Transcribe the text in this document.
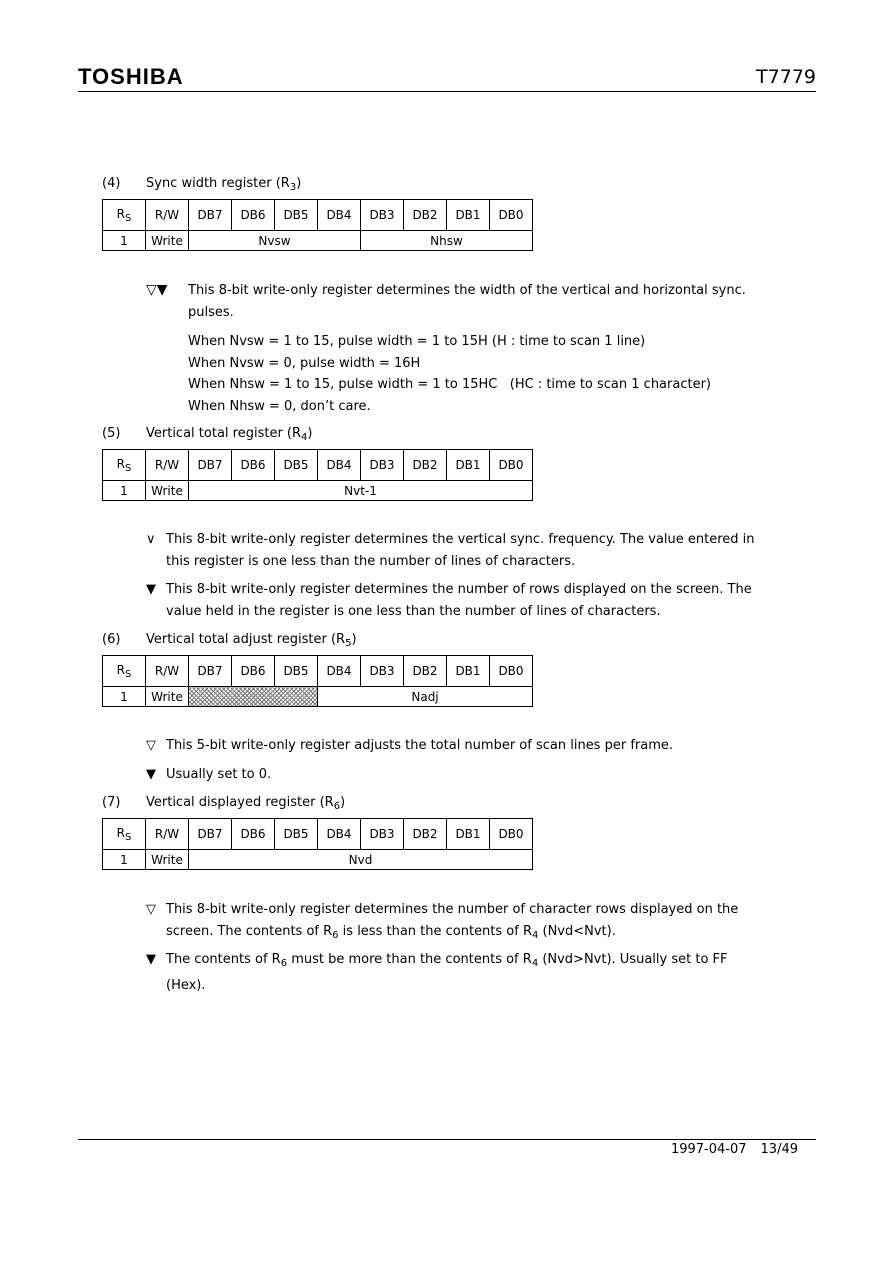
TOSHIBA	T7779
(4) Sync width register $(R_3)$
$R_S$	R/W	DB7	DB6	DB5	DB4	DB3	DB2	DB1	DB0
1	Write	Nvsw				Nhsw			
▽▼ This 8-bit write-only register determines the width of the vertical and horizontal sync.
pulses.
When Nvsw = 1 to 15, pulse width = 1 to 15H (H : time to scan 1 line)
When Nvsw = 0, pulse width = 16H
When Nhsw = 1 to 15, pulse width = 1 to 15HC   (HC : time to scan 1 character)
When Nhsw = 0, don’t care.
(5) Vertical total register $(R_4)$
$R_S$	R/W	DB7	DB6	DB5	DB4	DB3	DB2	DB1	DB0
1	Write	Nvt-1							
∨ This 8-bit write-only register determines the vertical sync. frequency. The value entered in
this register is one less than the number of lines of characters.
▼ This 8-bit write-only register determines the number of rows displayed on the screen. The
value held in the register is one less than the number of lines of characters.
(6) Vertical total adjust register $(R_5)$
$R_S$	R/W	DB7	DB6	DB5	DB4	DB3	DB2	DB1	DB0
1	Write				Nadj				
▽ This 5-bit write-only register adjusts the total number of scan lines per frame.
▼ Usually set to 0.
(7) Vertical displayed register $(R_6)$
$R_S$	R/W	DB7	DB6	DB5	DB4	DB3	DB2	DB1	DB0
1	Write	Nvd							
▽ This 8-bit write-only register determines the number of character rows displayed on the
screen. The contents of $R_6$ is less than the contents of $R_4$ (Nvd<Nvt).
▼ The contents of $R_6$ must be more than the contents of $R_4$ (Nvd>Nvt). Usually set to FF
(Hex).
1997-04-07 13/49
